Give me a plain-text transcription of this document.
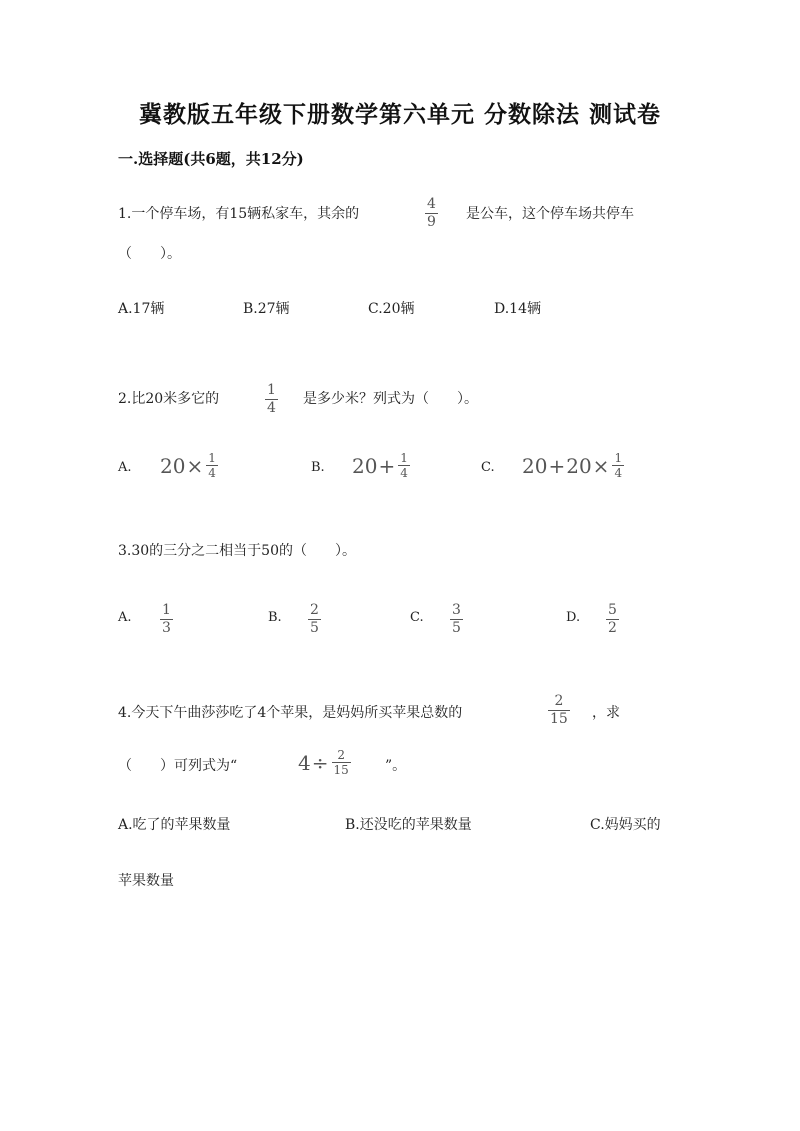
冀教版五年级下册数学第六单元 分数除法 测试卷
一.选择题(共6题，共12分)
1.一个停车场，有15辆私家车，其余的
4
9 是公车，这个停车场共停车
（　　）。
A.17辆	B.27辆	C.20辆	D.14辆
2.比20米多它的
1
4
是多少米？列式为（　　）。
A. $20 \times \frac{1}{4}$	B. $20 + \frac{1}{4}$	C. $20 + 20 \times \frac{1}{4}$
3.30的三分之二相当于50的（　　）。
A. 1
3
B. 2
5
C. 3
5
D. 5
2
4.今天下午曲莎莎吃了4个苹果，是妈妈所买苹果总数的
2
15 ，求
（　　）可列式为“	$4 \div \frac{2}{15}$ ”。
A.吃了的苹果数量	B.还没吃的苹果数量	C.妈妈买的
苹果数量
